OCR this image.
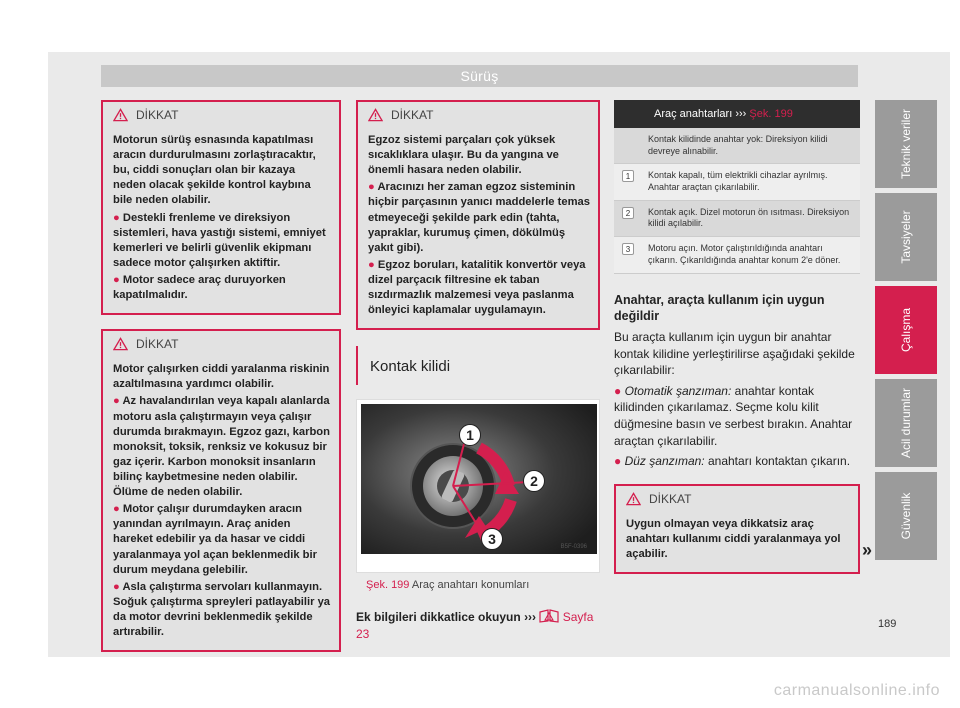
Sürüş
Teknik veriler
Tavsiyeler
Çalışma
Acil durumlar
Güvenlik
DİKKAT

Motorun sürüş esnasında kapatılması aracın durdurulmasını zorlaştıracaktır, bu, ciddi sonuçları olan bir kazaya neden olacak şekilde kontrol kaybına bile neden olabilir.

● Destekli frenleme ve direksiyon sistemleri, hava yastığı sistemi, emniyet kemerleri ve belirli güvenlik ekipmanı sadece motor çalışırken aktiftir.

● Motor sadece araç duruyorken kapatılmalıdır.

DİKKAT

Motor çalışırken ciddi yaralanma riskinin azaltılmasına yardımcı olabilir.

● Az havalandırılan veya kapalı alanlarda motoru asla çalıştırmayın veya çalışır durumda bırakmayın. Egzoz gazı, karbon monoksit, toksik, renksiz ve kokusuz bir gaz içerir. Karbon monoksit insanların bilinç kaybetmesine neden olabilir. Ölüme de neden olabilir.

● Motor çalışır durumdayken aracın yanından ayrılmayın. Araç aniden hareket edebilir ya da hasar ve ciddi yaralanmaya yol açan beklenmedik bir durum meydana gelebilir.

● Asla çalıştırma servoları kullanmayın. Soğuk çalıştırma spreyleri patlayabilir ya da motor devrini beklenmedik şekilde artırabilir.

DİKKAT

Egzoz sistemi parçaları çok yüksek sıcaklıklara ulaşır. Bu da yangına ve önemli hasara neden olabilir.

● Aracınızı her zaman egzoz sisteminin hiçbir parçasının yanıcı maddelerle temas etmeyeceği şekilde park edin (tahta, yapraklar, kurumuş çimen, dökülmüş yakıt gibi).

● Egzoz boruları, katalitik konvertör veya dizel parçacık filtresine ek taban sızdırmazlık malzemesi veya paslanma önleyici kaplamalar uygulamayın.

Kontak kilidi
1
2
3	B5F-0396
Şek. 199 Araç anahtarı konumları
Ek bilgileri dikkatlice okuyun ››› Sayfa 23
Araç anahtarları ››› Şek. 199	
	Kontak kilidinde anahtar yok: Direksiyon kilidi devreye alınabilir.
1	Kontak kapalı, tüm elektrikli cihazlar ayrılmış. Anahtar araçtan çıkarılabilir.
2	Kontak açık. Dizel motorun ön ısıtması. Direksiyon kilidi açılabilir.
3	Motoru açın. Motor çalıştırıldığında anahtarı çıkarın. Çıkarıldığında anahtar konum 2'e döner.
Anahtar, araçta kullanım için uygun değildir
Bu araçta kullanım için uygun bir anahtar kontak kilidine yerleştirilirse aşağıdaki şekilde çıkarılabilir:
● Otomatik şanzıman: anahtar kontak kilidinden çıkarılamaz. Seçme kolu kilit düğmesine basın ve serbest bırakın. Anahtar araçtan çıkarılabilir.
● Düz şanzıman: anahtarı kontaktan çıkarın.
DİKKAT

Uygun olmayan veya dikkatsiz araç anahtarı kullanımı ciddi yaralanmaya yol açabilir.	»
189
carmanualsonline.info
